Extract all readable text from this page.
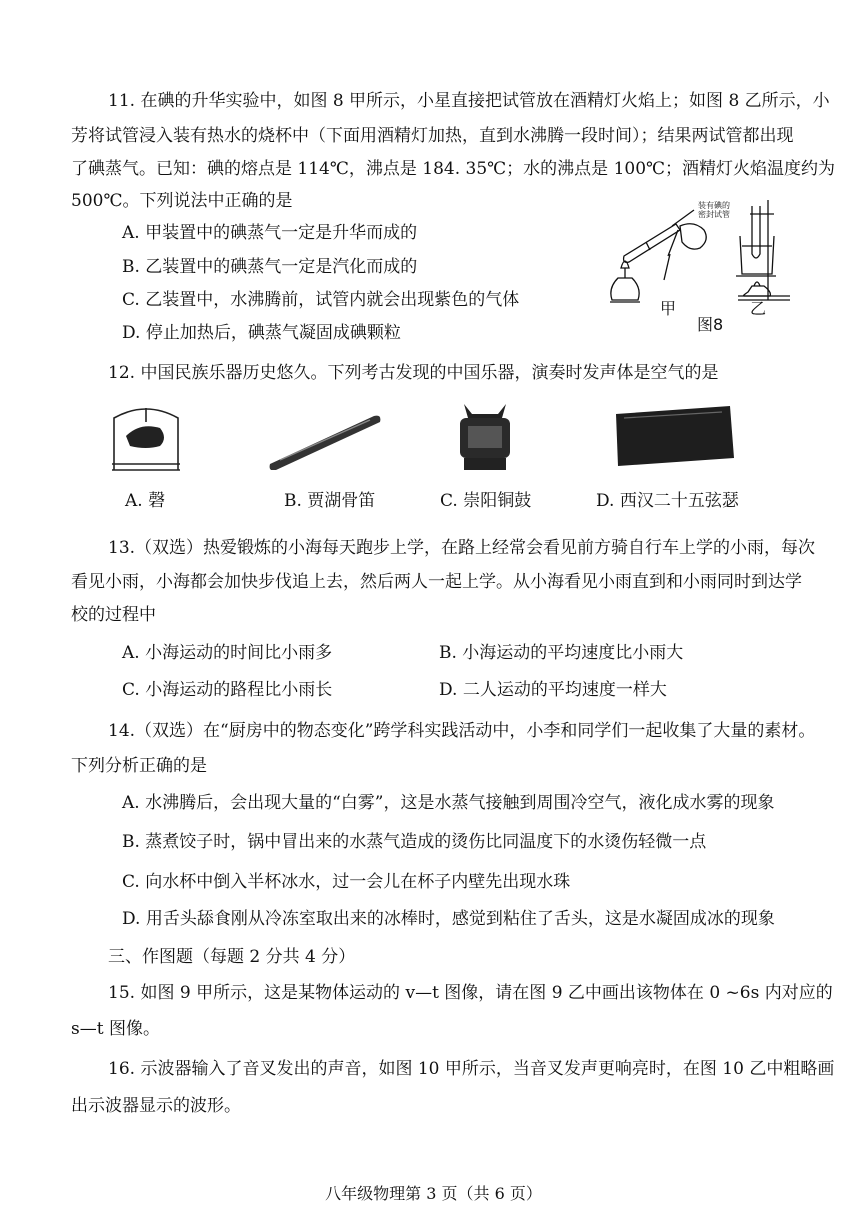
11. 在碘的升华实验中，如图 8 甲所示，小星直接把试管放在酒精灯火焰上；如图 8 乙所示，小
芳将试管浸入装有热水的烧杯中（下面用酒精灯加热，直到水沸腾一段时间）；结果两试管都出现
了碘蒸气。已知：碘的熔点是 114℃，沸点是 184. 35℃；水的沸点是 100℃；酒精灯火焰温度约为
500℃。下列说法中正确的是
A. 甲装置中的碘蒸气一定是升华而成的
B. 乙装置中的碘蒸气一定是汽化而成的
C. 乙装置中，水沸腾前，试管内就会出现紫色的气体
D. 停止加热后，碘蒸气凝固成碘颗粒
装有碘的
密封试管
甲	乙
图8
12. 中国民族乐器历史悠久。下列考古发现的中国乐器，演奏时发声体是空气的是
A. 磬	B. 贾湖骨笛	C. 崇阳铜鼓	D. 西汉二十五弦瑟
13.（双选）热爱锻炼的小海每天跑步上学，在路上经常会看见前方骑自行车上学的小雨，每次
看见小雨，小海都会加快步伐追上去，然后两人一起上学。从小海看见小雨直到和小雨同时到达学
校的过程中
A. 小海运动的时间比小雨多	B. 小海运动的平均速度比小雨大
C. 小海运动的路程比小雨长	D. 二人运动的平均速度一样大
14.（双选）在“厨房中的物态变化”跨学科实践活动中，小李和同学们一起收集了大量的素材。
下列分析正确的是
A. 水沸腾后，会出现大量的“白雾”，这是水蒸气接触到周围冷空气，液化成水雾的现象
B. 蒸煮饺子时，锅中冒出来的水蒸气造成的烫伤比同温度下的水烫伤轻微一点
C. 向水杯中倒入半杯冰水，过一会儿在杯子内壁先出现水珠
D. 用舌头舔食刚从冷冻室取出来的冰棒时，感觉到粘住了舌头，这是水凝固成冰的现象
三、作图题（每题 2 分共 4 分）
15. 如图 9 甲所示，这是某物体运动的 v—t 图像，请在图 9 乙中画出该物体在 0 ~6s 内对应的
s—t 图像。
16. 示波器输入了音叉发出的声音，如图 10 甲所示，当音叉发声更响亮时，在图 10 乙中粗略画
出示波器显示的波形。
八年级物理第 3 页（共 6 页）
